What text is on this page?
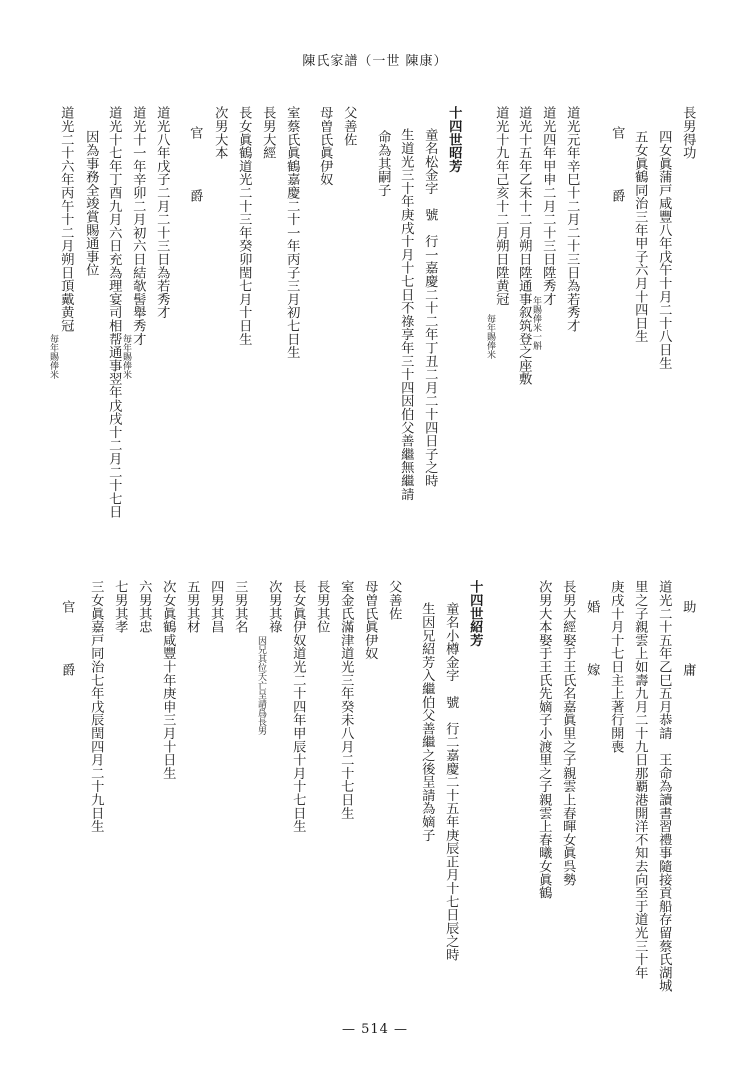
陳氏家譜（一世 陳康）
長男得功
四女眞蒲戸咸豐八年戊午十月二十八日生
五女眞鶴同治三年甲子六月十四日生
官　爵
道光元年辛巳十二月二十三日為若秀才
道光四年甲申二月二十三日陞秀才
年賜俸米一斛
道光十五年乙未十二月朔日陞通事叙筑登之座敷
道光十九年己亥十二月朔日陞黄冠
毎年賜俸米
十四世昭芳
童名松金字　號　行一嘉慶二十二年丁丑二月二十四日子之時
生道光三十年庚戌十月十七日不祿享年三十四因伯父善繼無繼請
命為其嗣子
父善佐
母曽氏眞伊奴
室蔡氏眞鶴嘉慶二十一年丙子三月初七日生
長男大經
長女眞鶴道光二十三年癸卯閏七月十日生
次男大本
官　爵
道光八年戊子二月二十三日為若秀才
道光十一年辛卯二月初六日結欹髻舉秀才
毎年賜俸米
道光十七年丁酉九月六日充為理宴司相帮通事翌年戊戌十二月二十七日
因為事務全竣賞賜通事位
道光二十六年丙午十二月朔日頂戴黄冠
毎年賜俸米
助　庸
道光二十五年乙巳五月恭請　王命為讀書習禮事隨接貢船存留蔡氏湖城
里之子親雲上如壽九月二十九日那覇港開洋不知去向至于道光三十年
庚戌十月十七日主上著行開喪
婚　嫁
長男大經娶于王氏名嘉眞里之子親雲上春暉女眞呉勢
次男大本娶于王氏先嫡子小渡里之子親雲上春曦女眞鶴
十四世紹芳
童名小樽金字　號　行二嘉慶二十五年庚辰正月十七日辰之時
生因兄紹芳入繼伯父善繼之後呈請為嫡子
父善佐
母曽氏眞伊奴
室金氏滿津道光三年癸未八月二十七日生
長男其位
長女眞伊奴道光二十四年甲辰十月十七日生
次男其祿
因兄其位夭亡呈請爲長男
三男其名
四男其昌
五男其材
次女眞鶴咸豐十年庚申三月十日生
六男其忠
七男其孝
三女眞嘉戸同治七年戊辰閏四月二十九日生
官　爵
— 514 —
